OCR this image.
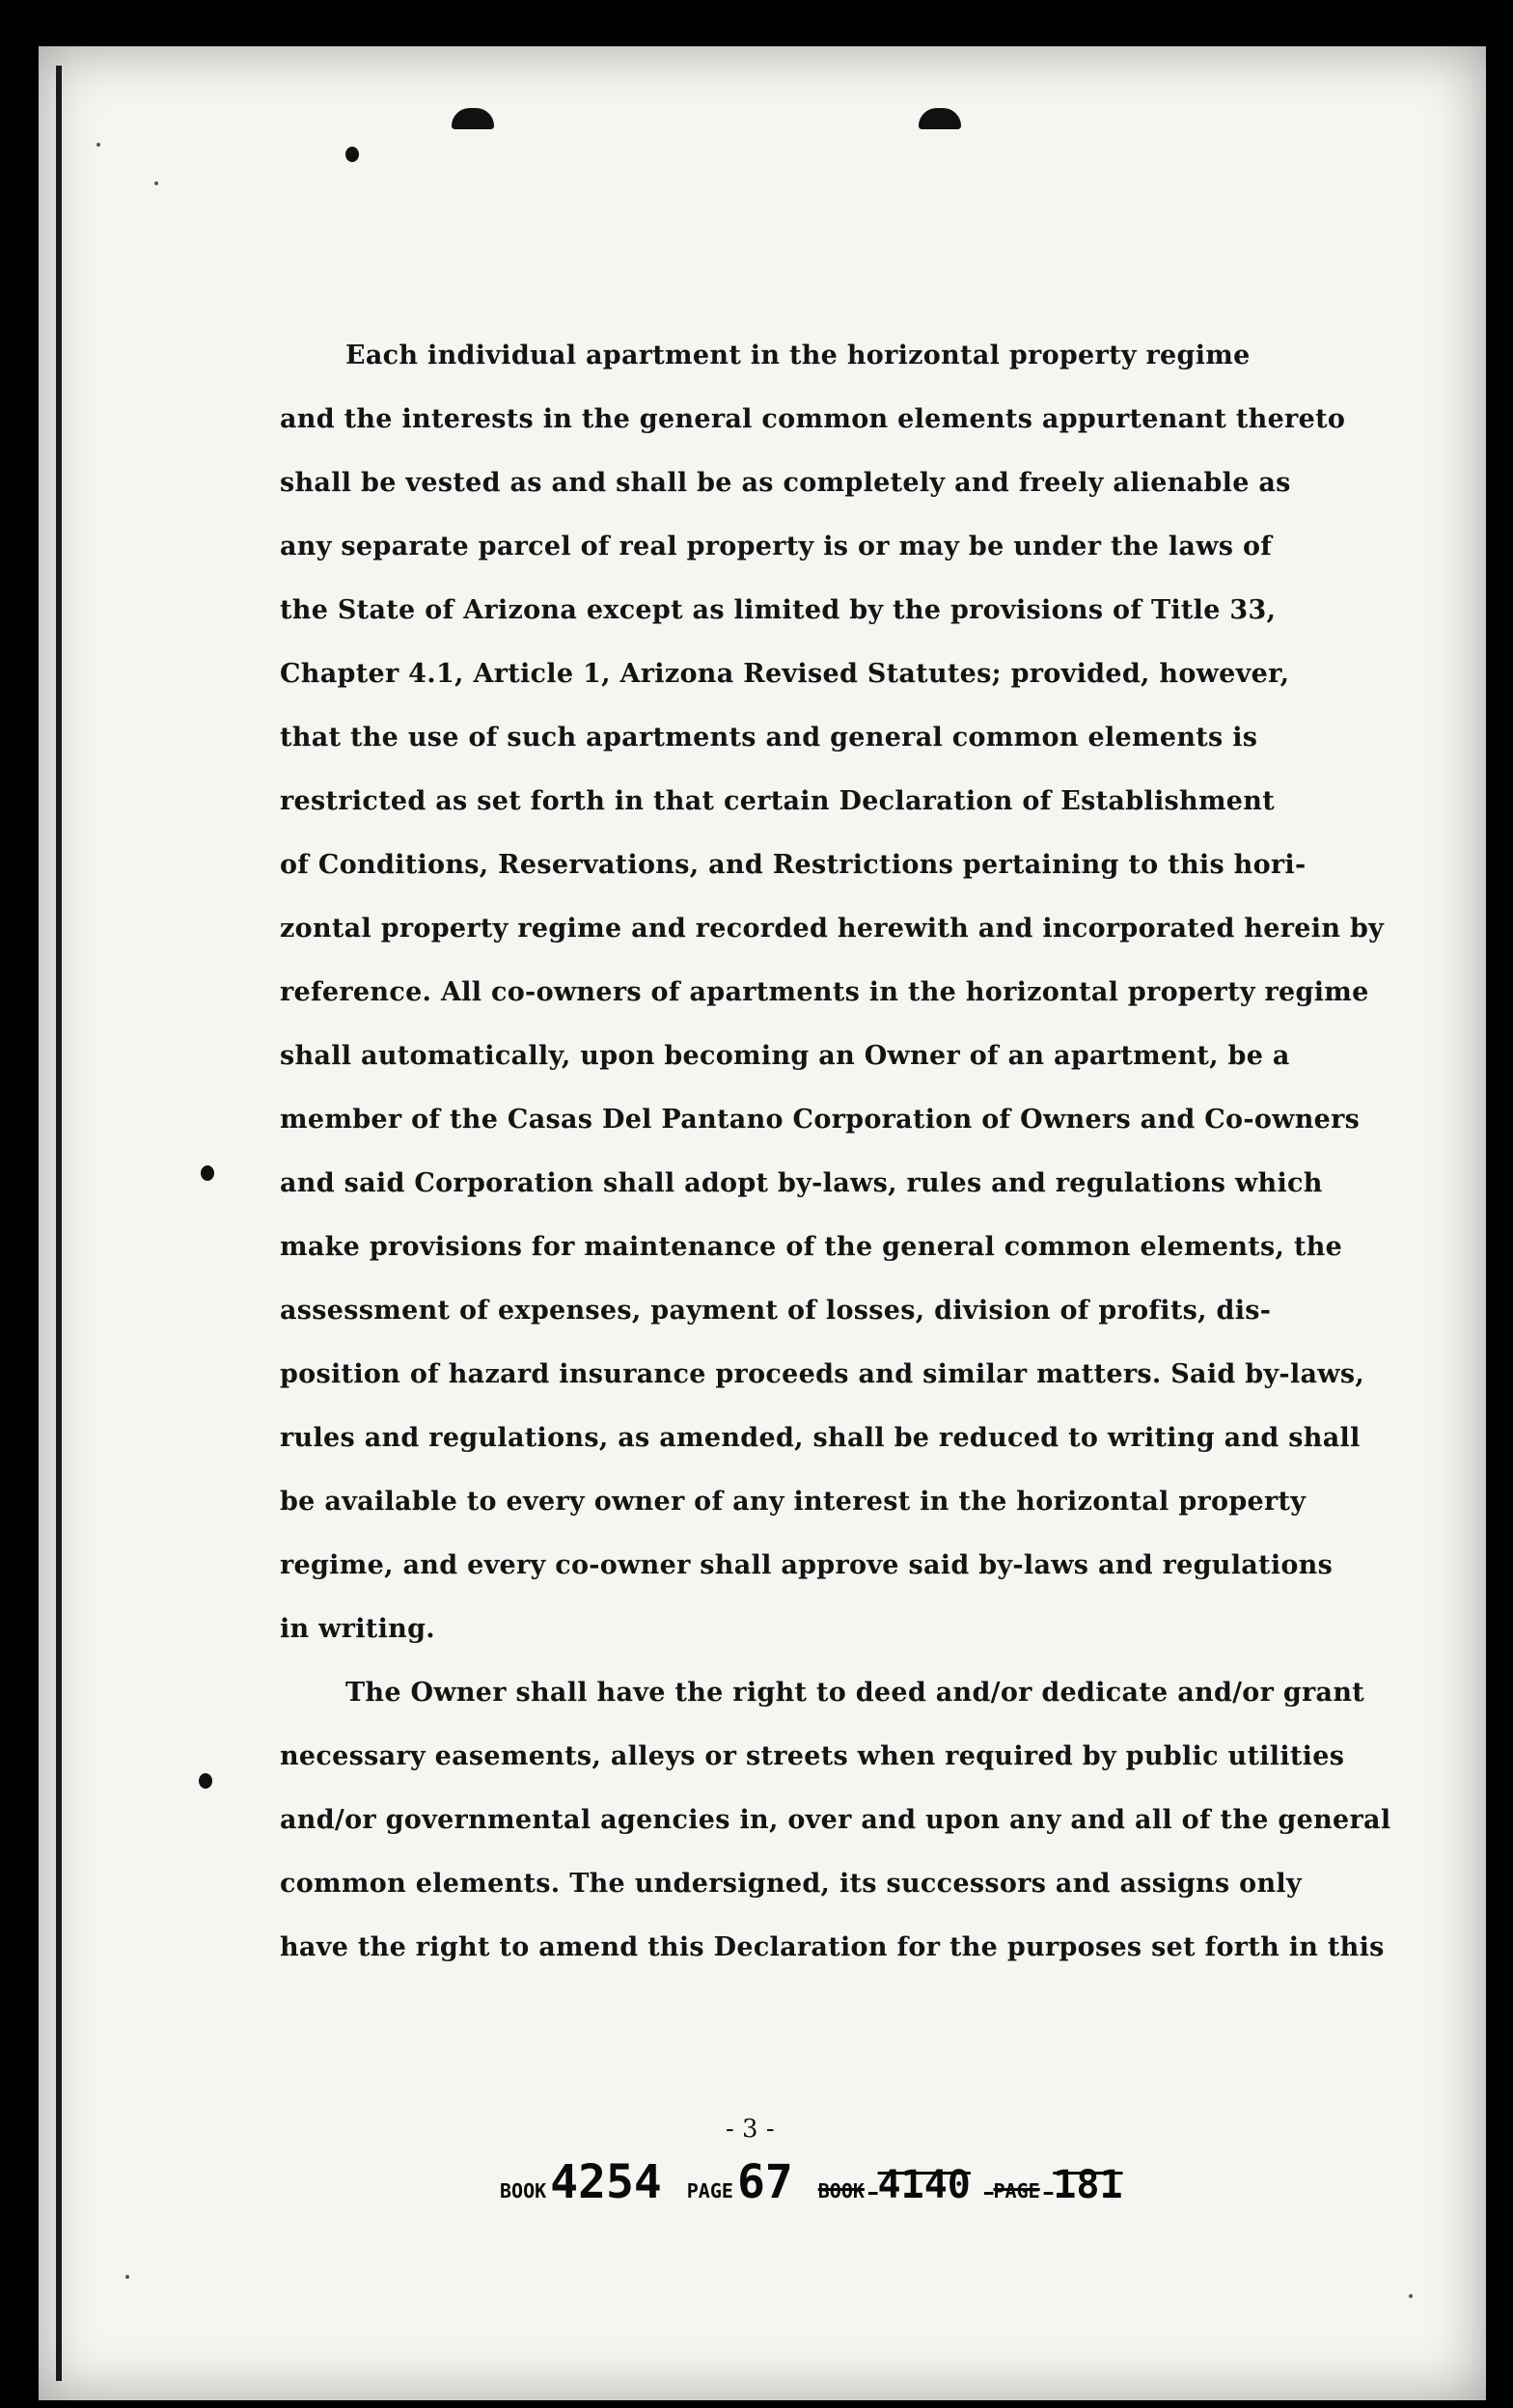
Each individual apartment in the horizontal property regime
and the interests in the general common elements appurtenant thereto
shall be vested as and shall be as completely and freely alienable as
any separate parcel of real property is or may be under the laws of
the State of Arizona except as limited by the provisions of Title 33,
Chapter 4.1, Article 1, Arizona Revised Statutes; provided, however,
that the use of such apartments and general common elements is
restricted as set forth in that certain Declaration of Establishment
of Conditions, Reservations, and Restrictions pertaining to this hori-
zontal property regime and recorded herewith and incorporated herein by
reference. All co-owners of apartments in the horizontal property regime
shall automatically, upon becoming an Owner of an apartment, be a
member of the Casas Del Pantano Corporation of Owners and Co-owners
and said Corporation shall adopt by-laws, rules and regulations which
make provisions for maintenance of the general common elements, the
assessment of expenses, payment of losses, division of profits, dis-
position of hazard insurance proceeds and similar matters. Said by-laws,
rules and regulations, as amended, shall be reduced to writing and shall
be available to every owner of any interest in the horizontal property
regime, and every co-owner shall approve said by-laws and regulations
in writing.
The Owner shall have the right to deed and/or dedicate and/or grant
necessary easements, alleys or streets when required by public utilities
and/or governmental agencies in, over and upon any and all of the general
common elements. The undersigned, its successors and assigns only
have the right to amend this Declaration for the purposes set forth in this
- 3 -
BOOK 4254 PAGE 67 BOOK 4140 PAGE 181
